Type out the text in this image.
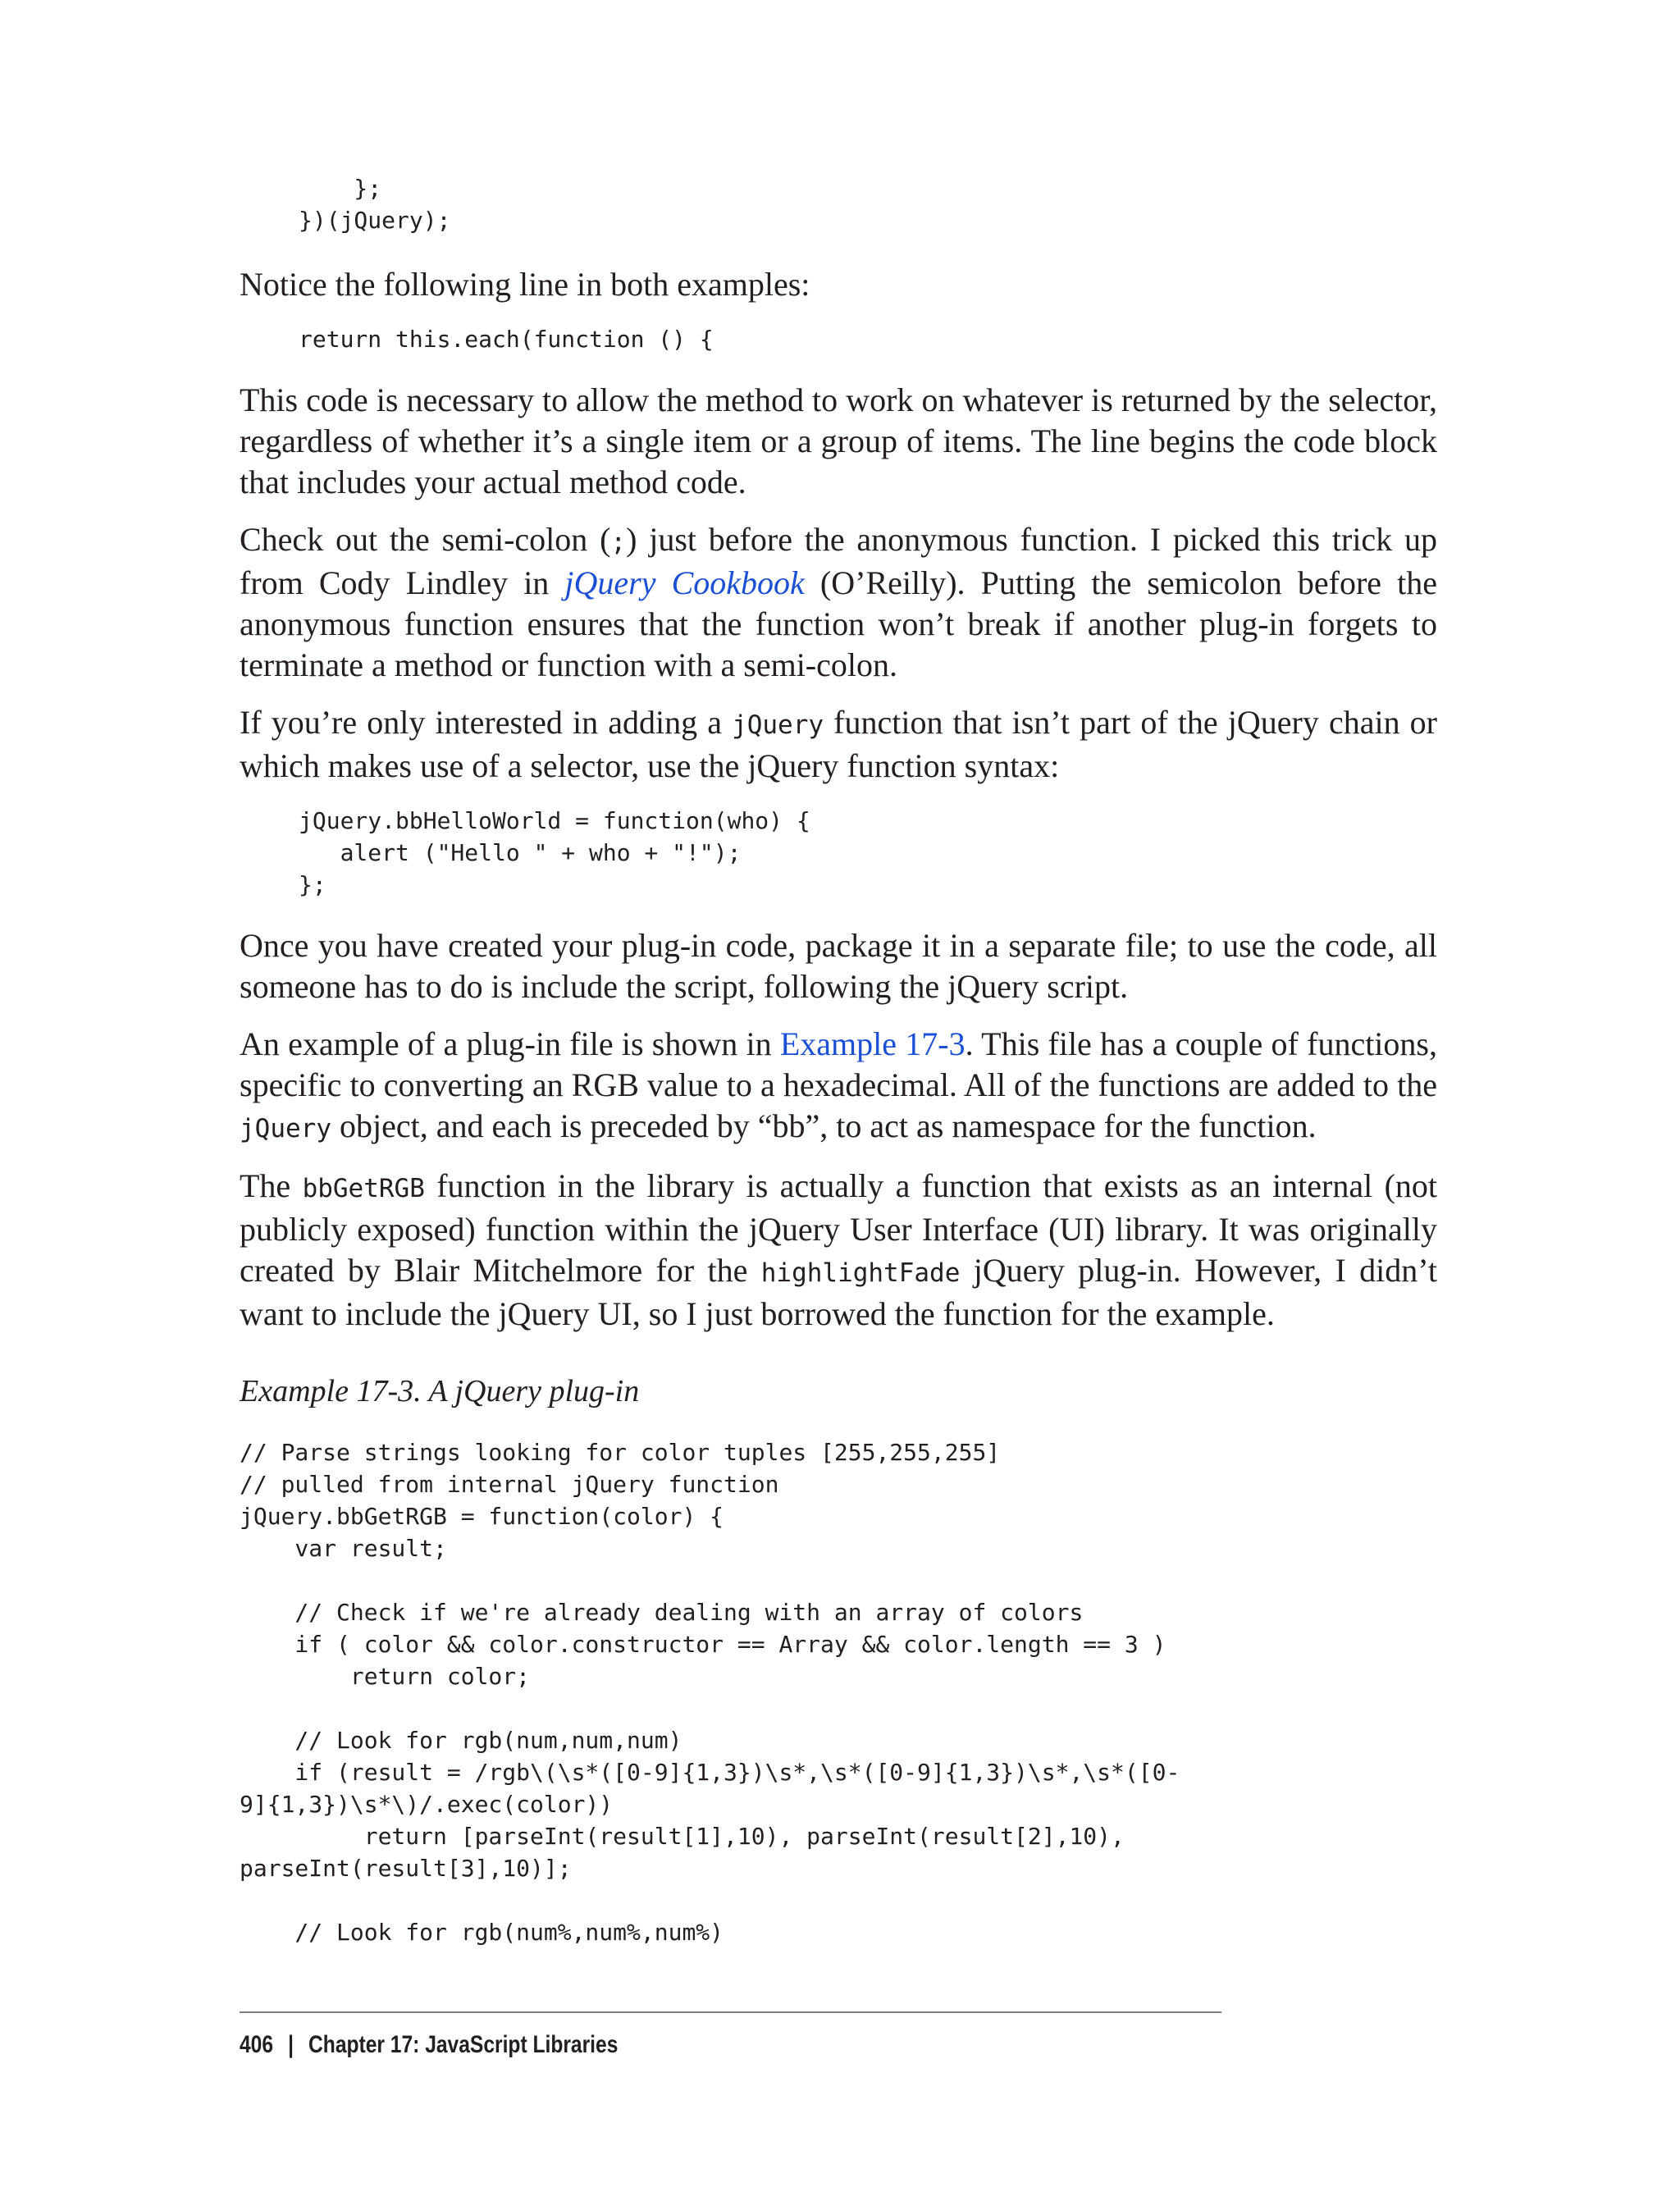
};
})(jQuery);

Notice the following line in both examples:

return this.each(function () {

This code is necessary to allow the method to work on whatever is returned by the selector, regardless of whether it’s a single item or a group of items. The line begins the code block that includes your actual method code.

Check out the semi-colon (;) just before the anonymous function. I picked this trick up from Cody Lindley in jQuery Cookbook (O’Reilly). Putting the semicolon before the anonymous function ensures that the function won’t break if another plug-in forgets to terminate a method or function with a semi-colon.

If you’re only interested in adding a jQuery function that isn’t part of the jQuery chain or which makes use of a selector, use the jQuery function syntax:

jQuery.bbHelloWorld = function(who) {
alert ("Hello " + who + "!");
};

Once you have created your plug-in code, package it in a separate file; to use the code, all someone has to do is include the script, following the jQuery script.

An example of a plug-in file is shown in Example 17-3. This file has a couple of functions, specific to converting an RGB value to a hexadecimal. All of the functions are added to the jQuery object, and each is preceded by “bb”, to act as namespace for the function.

The bbGetRGB function in the library is actually a function that exists as an internal (not publicly exposed) function within the jQuery User Interface (UI) library. It was originally created by Blair Mitchelmore for the highlightFade jQuery plug-in. However, I didn’t want to include the jQuery UI, so I just borrowed the function for the example.

Example 17-3. A jQuery plug-in
// Parse strings looking for color tuples [255,255,255]
// pulled from internal jQuery function
jQuery.bbGetRGB = function(color) {
var result;

// Check if we're already dealing with an array of colors
if ( color && color.constructor == Array && color.length == 3 )
return color;

// Look for rgb(num,num,num)
if (result = /rgb\(\s*([0-9]{1,3})\s*,\s*([0-9]{1,3})\s*,\s*([0-
9]{1,3})\s*\)/.exec(color))
return [parseInt(result[1],10), parseInt(result[2],10),
parseInt(result[3],10)];

// Look for rgb(num%,num%,num%)
406 | Chapter 17: JavaScript Libraries
